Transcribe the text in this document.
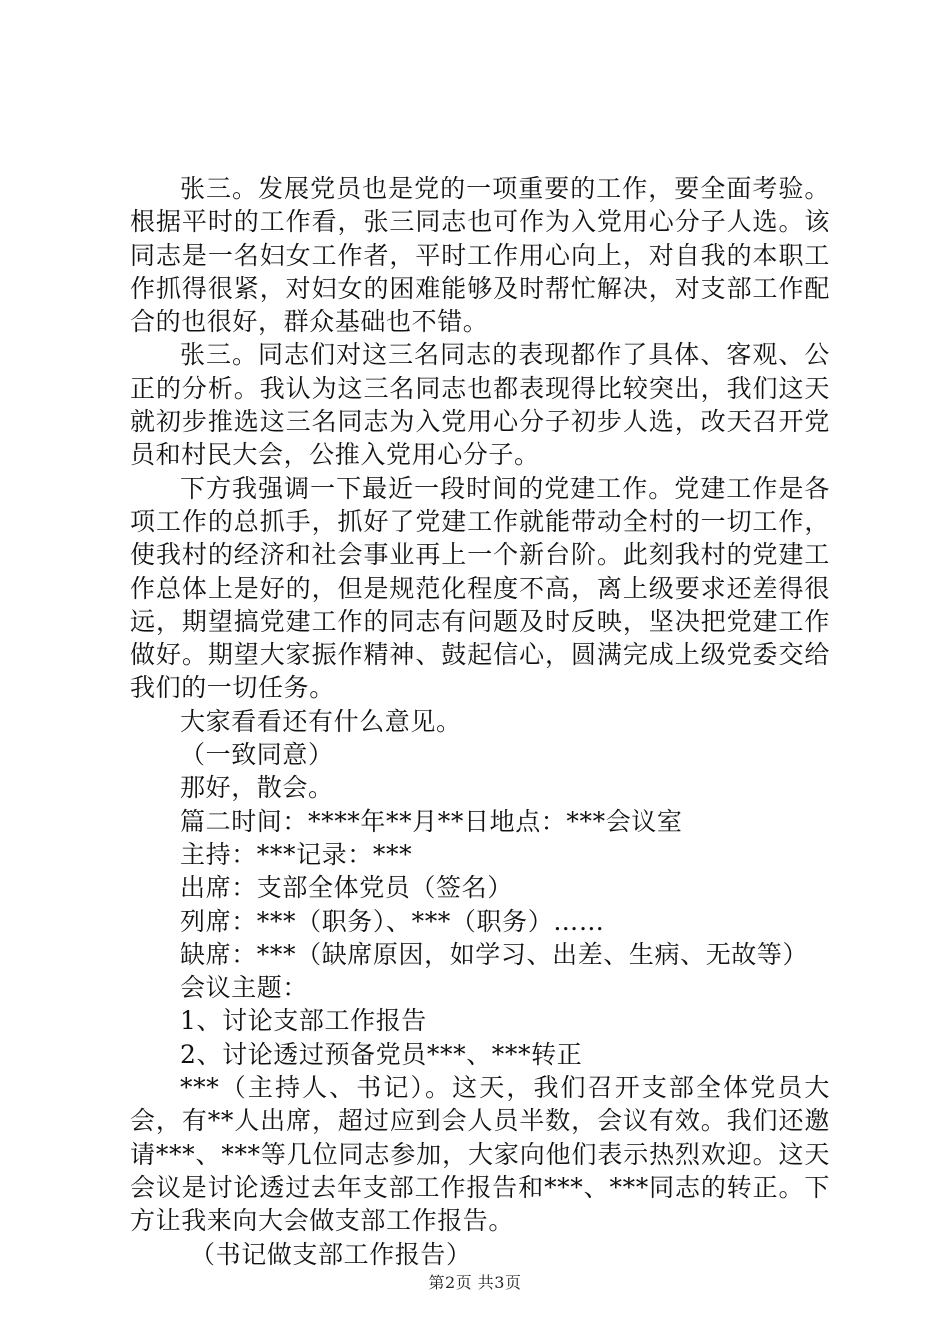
张三。发展党员也是党的一项重要的工作，要全面考验。根据平时的工作看，张三同志也可作为入党用心分子人选。该同志是一名妇女工作者，平时工作用心向上，对自我的本职工作抓得很紧，对妇女的困难能够及时帮忙解决，对支部工作配合的也很好，群众基础也不错。

张三。同志们对这三名同志的表现都作了具体、客观、公正的分析。我认为这三名同志也都表现得比较突出，我们这天就初步推选这三名同志为入党用心分子初步人选，改天召开党员和村民大会，公推入党用心分子。

下方我强调一下最近一段时间的党建工作。党建工作是各项工作的总抓手，抓好了党建工作就能带动全村的一切工作，使我村的经济和社会事业再上一个新台阶。此刻我村的党建工作总体上是好的，但是规范化程度不高，离上级要求还差得很远，期望搞党建工作的同志有问题及时反映，坚决把党建工作做好。期望大家振作精神、鼓起信心，圆满完成上级党委交给我们的一切任务。

大家看看还有什么意见。

（一致同意）

那好，散会。

篇二时间：****年**月**日地点：***会议室

主持：***记录：***

出席：支部全体党员（签名）

列席：***（职务）、***（职务）……

缺席：***（缺席原因，如学习、出差、生病、无故等）

会议主题：

1、讨论支部工作报告

2、讨论透过预备党员***、***转正

***（主持人、书记）。这天，我们召开支部全体党员大会，有**人出席，超过应到会人员半数，会议有效。我们还邀请***、***等几位同志参加，大家向他们表示热烈欢迎。这天会议是讨论透过去年支部工作报告和***、***同志的转正。下方让我来向大会做支部工作报告。

（书记做支部工作报告）

第2页 共3页
